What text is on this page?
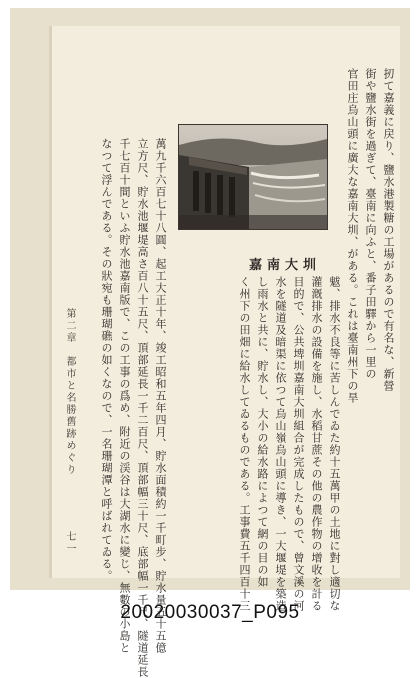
扨て嘉義に戻り、鹽水港製糖の工場があるので有名な、新營
街や鹽水街を過ぎて、臺南に向ふと、番子田驛から一里の
官田庄烏山頭に廣大な嘉南大圳、がある。これは臺南州下の旱
魃、排水不良等に苦しんでゐた約十五萬甲の土地に對し適切な
灌漑排水の設備を施し、水稻甘蔗その他の農作物の增收を計る
目的で、公共埤圳嘉南大圳組合が完成したもので、曾文溪の河
水を隧道及暗渠に依つて烏山嶺烏山頭に導き、一大堰堤を築造
し雨水と共に、貯水し、大小の給水路によつて網の目の如
く州下の田畑に給水してゐるものである。工事費五千四百十三
嘉南大圳
萬九千六百七十八圓、起工大正十年、竣工昭和五年四月、貯水面積約一千町步、貯水量五十五億
立方尺、貯水池堰堤高さ百八十五尺、頂部延長一千二百尺、頂部幅三十尺、底部幅一千尺、隧道延長
千七百十間といふ貯水池嘉南版で、この工事の爲め、附近の渓谷は大湖水に變じ、無數の小島と
なつて浮んである。その狀宛も珊瑚礁の如くなので、一名珊瑚潭と呼ばれてゐる。
第二章　都市と名勝舊跡めぐり
七一
20020030037_P095
